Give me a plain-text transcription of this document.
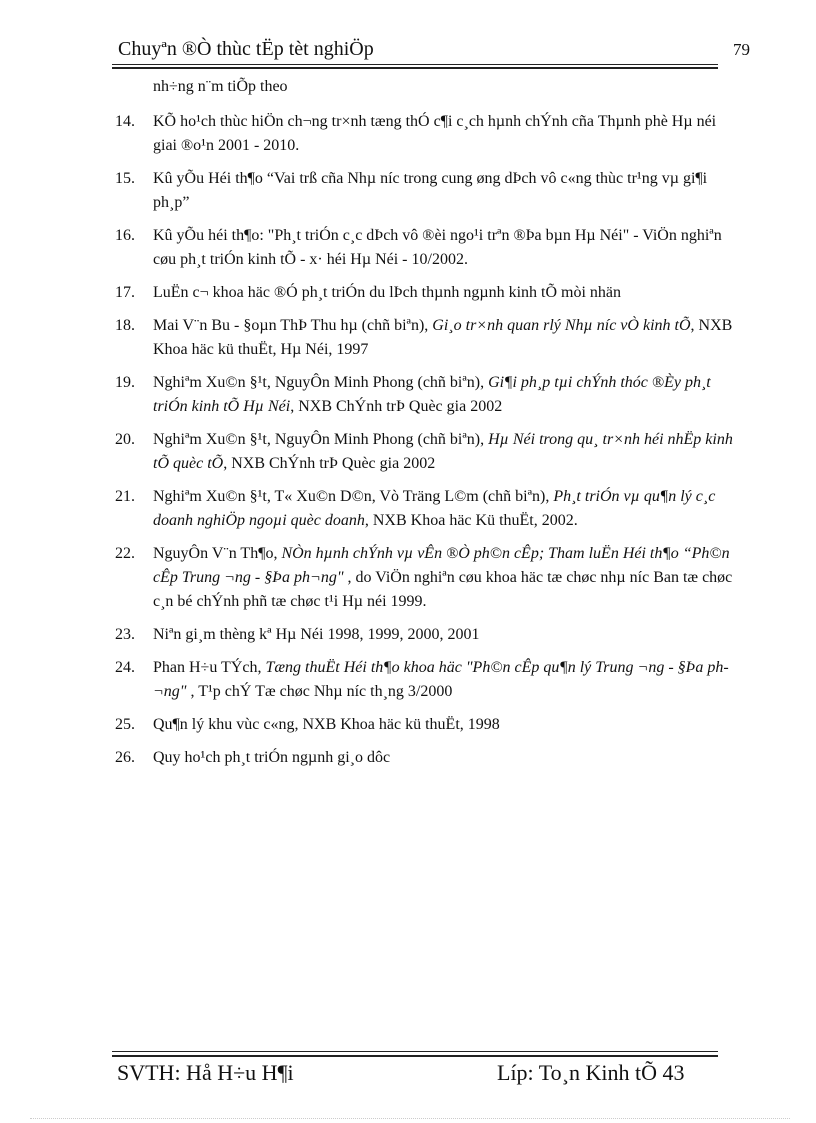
Chuyªn ®Ò thùc tËp tèt nghiÖp	79
nh÷ng n¨m tiÕp theo
14. KÕ ho¹ch thùc hiÖn ch¬ng tr×nh tæng thÓ c¶i c¸ch hµnh chÝnh cña Thµnh phè Hµ néi giai ®o¹n 2001 - 2010.
15. Kû yÕu Héi th¶o “Vai trß cña Nhµ níc trong cung øng dÞch vô c«ng thùc tr¹ng vµ gi¶i ph¸p”
16. Kû yÕu héi th¶o: "Ph¸t triÓn c¸c dÞch vô ®èi ngo¹i trªn ®Þa bµn Hµ Néi" - ViÖn nghiªn cøu ph¸t triÓn kinh tÕ - x· héi Hµ Néi - 10/2002.
17. LuËn c¬ khoa häc ®Ó ph¸t triÓn du lÞch thµnh ngµnh kinh tÕ mòi nhän
18. Mai V¨n Bu - §oµn ThÞ Thu hµ (chñ biªn), Gi¸o tr×nh quan rlý Nhµ níc vÒ kinh tÕ, NXB Khoa häc kü thuËt, Hµ Néi, 1997
19. Nghiªm Xu©n §¹t, NguyÔn Minh Phong (chñ biªn), Gi¶i ph¸p tµi chÝnh thóc ®Èy ph¸t triÓn kinh tÕ Hµ Néi, NXB ChÝnh trÞ Quèc gia 2002
20. Nghiªm Xu©n §¹t, NguyÔn Minh Phong (chñ biªn), Hµ Néi trong qu¸ tr×nh héi nhËp kinh tÕ quèc tÕ, NXB ChÝnh trÞ Quèc gia 2002
21. Nghiªm Xu©n §¹t, T« Xu©n D©n, Vò Träng L©m (chñ biªn), Ph¸t triÓn vµ qu¶n lý c¸c doanh nghiÖp ngoµi quèc doanh, NXB Khoa häc Kü thuËt, 2002.
22. NguyÔn V¨n Th¶o, NÒn hµnh chÝnh vµ vÊn ®Ò ph©n cÊp; Tham luËn Héi th¶o “Ph©n cÊp Trung ¬ng - §Þa ph¬ng" , do ViÖn nghiªn cøu khoa häc tæ chøc nhµ níc Ban tæ chøc c¸n bé chÝnh phñ tæ chøc t¹i Hµ néi 1999.
23. Niªn gi¸m thèng kª Hµ Néi 1998, 1999, 2000, 2001
24. Phan H÷u TÝch, Tæng thuËt Héi th¶o khoa häc "Ph©n cÊp qu¶n lý Trung ¬ng - §Þa ph¬ng" , T¹p chÝ Tæ chøc Nhµ níc th¸ng 3/2000
25. Qu¶n lý khu vùc c«ng, NXB Khoa häc kü thuËt, 1998
26. Quy ho¹ch ph¸t triÓn ngµnh gi¸o dôc
SVTH: Hå H÷u H¶i	Líp: To¸n Kinh tÕ 43
